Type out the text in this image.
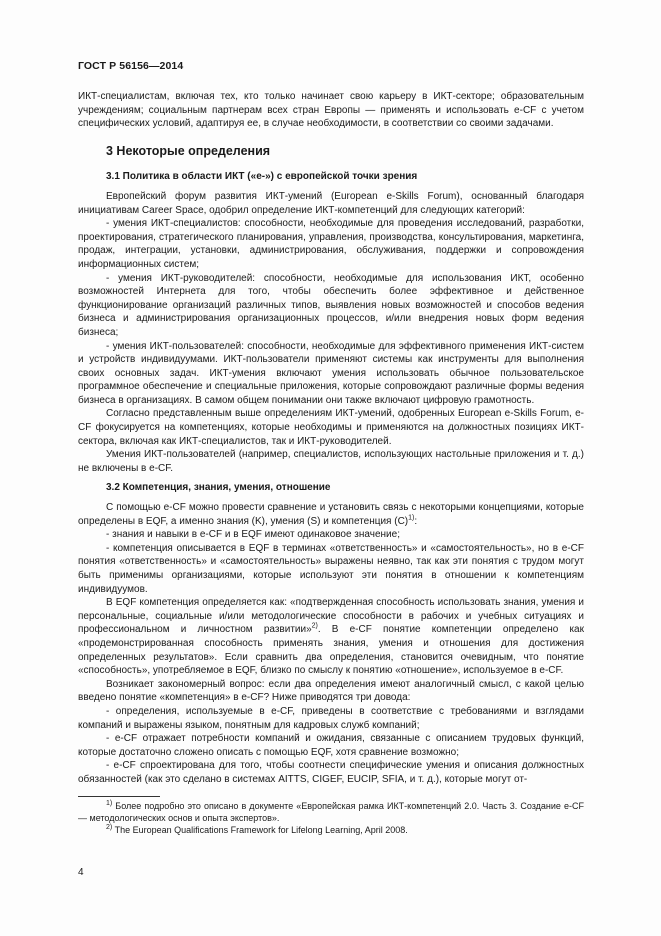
ГОСТ Р 56156—2014

ИКТ-специалистам, включая тех, кто только начинает свою карьеру в ИКТ-секторе; образовательным учреждениям; социальным партнерам всех стран Европы — применять и использовать e-CF с учетом специфических условий, адаптируя ее, в случае необходимости, в соответствии со своими задачами.

3 Некоторые определения

3.1 Политика в области ИКТ («e-») с европейской точки зрения

Европейский форум развития ИКТ-умений (European e-Skills Forum), основанный благодаря инициативам Career Space, одобрил определение ИКТ-компетенций для следующих категорий:

- умения ИКТ-специалистов: способности, необходимые для проведения исследований, разработки, проектирования, стратегического планирования, управления, производства, консультирования, маркетинга, продаж, интеграции, установки, администрирования, обслуживания, поддержки и сопровождения информационных систем;

- умения ИКТ-руководителей: способности, необходимые для использования ИКТ, особенно возможностей Интернета для того, чтобы обеспечить более эффективное и действенное функционирование организаций различных типов, выявления новых возможностей и способов ведения бизнеса и администрирования организационных процессов, и/или внедрения новых форм ведения бизнеса;

- умения ИКТ-пользователей: способности, необходимые для эффективного применения ИКТ-систем и устройств индивидуумами. ИКТ-пользователи применяют системы как инструменты для выполнения своих основных задач. ИКТ-умения включают умения использовать обычное пользовательское программное обеспечение и специальные приложения, которые сопровождают различные формы ведения бизнеса в организациях. В самом общем понимании они также включают цифровую грамотность.

Согласно представленным выше определениям ИКТ-умений, одобренных European e-Skills Forum, e-CF фокусируется на компетенциях, которые необходимы и применяются на должностных позициях ИКТ-сектора, включая как ИКТ-специалистов, так и ИКТ-руководителей.

Умения ИКТ-пользователей (например, специалистов, использующих настольные приложения и т. д.) не включены в e-CF.

3.2 Компетенция, знания, умения, отношение

С помощью e-CF можно провести сравнение и установить связь с некоторыми концепциями, которые определены в EQF, а именно знания (K), умения (S) и компетенция $(C)^{1)}$:

- знания и навыки в e-CF и в EQF имеют одинаковое значение;

- компетенция описывается в EQF в терминах «ответственность» и «самостоятельность», но в e-CF понятия «ответственность» и «самостоятельность» выражены неявно, так как эти понятия с трудом могут быть применимы организациями, которые используют эти понятия в отношении к компетенциям индивидуумов.

В EQF компетенция определяется как: «подтвержденная способность использовать знания, умения и персональные, социальные и/или методологические способности в рабочих и учебных ситуациях и профессиональном и личностном развитии»$^{2)}$. В e-CF понятие компетенции определено как «продемонстрированная способность применять знания, умения и отношения для достижения определенных результатов». Если сравнить два определения, становится очевидным, что понятие «способность», употребляемое в EQF, близко по смыслу к понятию «отношение», используемое в e-CF.

Возникает закономерный вопрос: если два определения имеют аналогичный смысл, с какой целью введено понятие «компетенция» в e-CF? Ниже приводятся три довода:

- определения, используемые в e-CF, приведены в соответствие с требованиями и взглядами компаний и выражены языком, понятным для кадровых служб компаний;

- e-CF отражает потребности компаний и ожидания, связанные с описанием трудовых функций, которые достаточно сложено описать с помощью EQF, хотя сравнение возможно;

- e-CF спроектирована для того, чтобы соотнести специфические умения и описания должностных обязанностей (как это сделано в системах AITTS, CIGEF, EUCIP, SFIA, и т. д.), которые могут от-

$^{1)}$ Более подробно это описано в документе «Европейская рамка ИКТ-компетенций 2.0. Часть 3. Создание e-CF — методологических основ и опыта экспертов».

$^{2)}$ The European Qualifications Framework for Lifelong Learning, April 2008.

4
